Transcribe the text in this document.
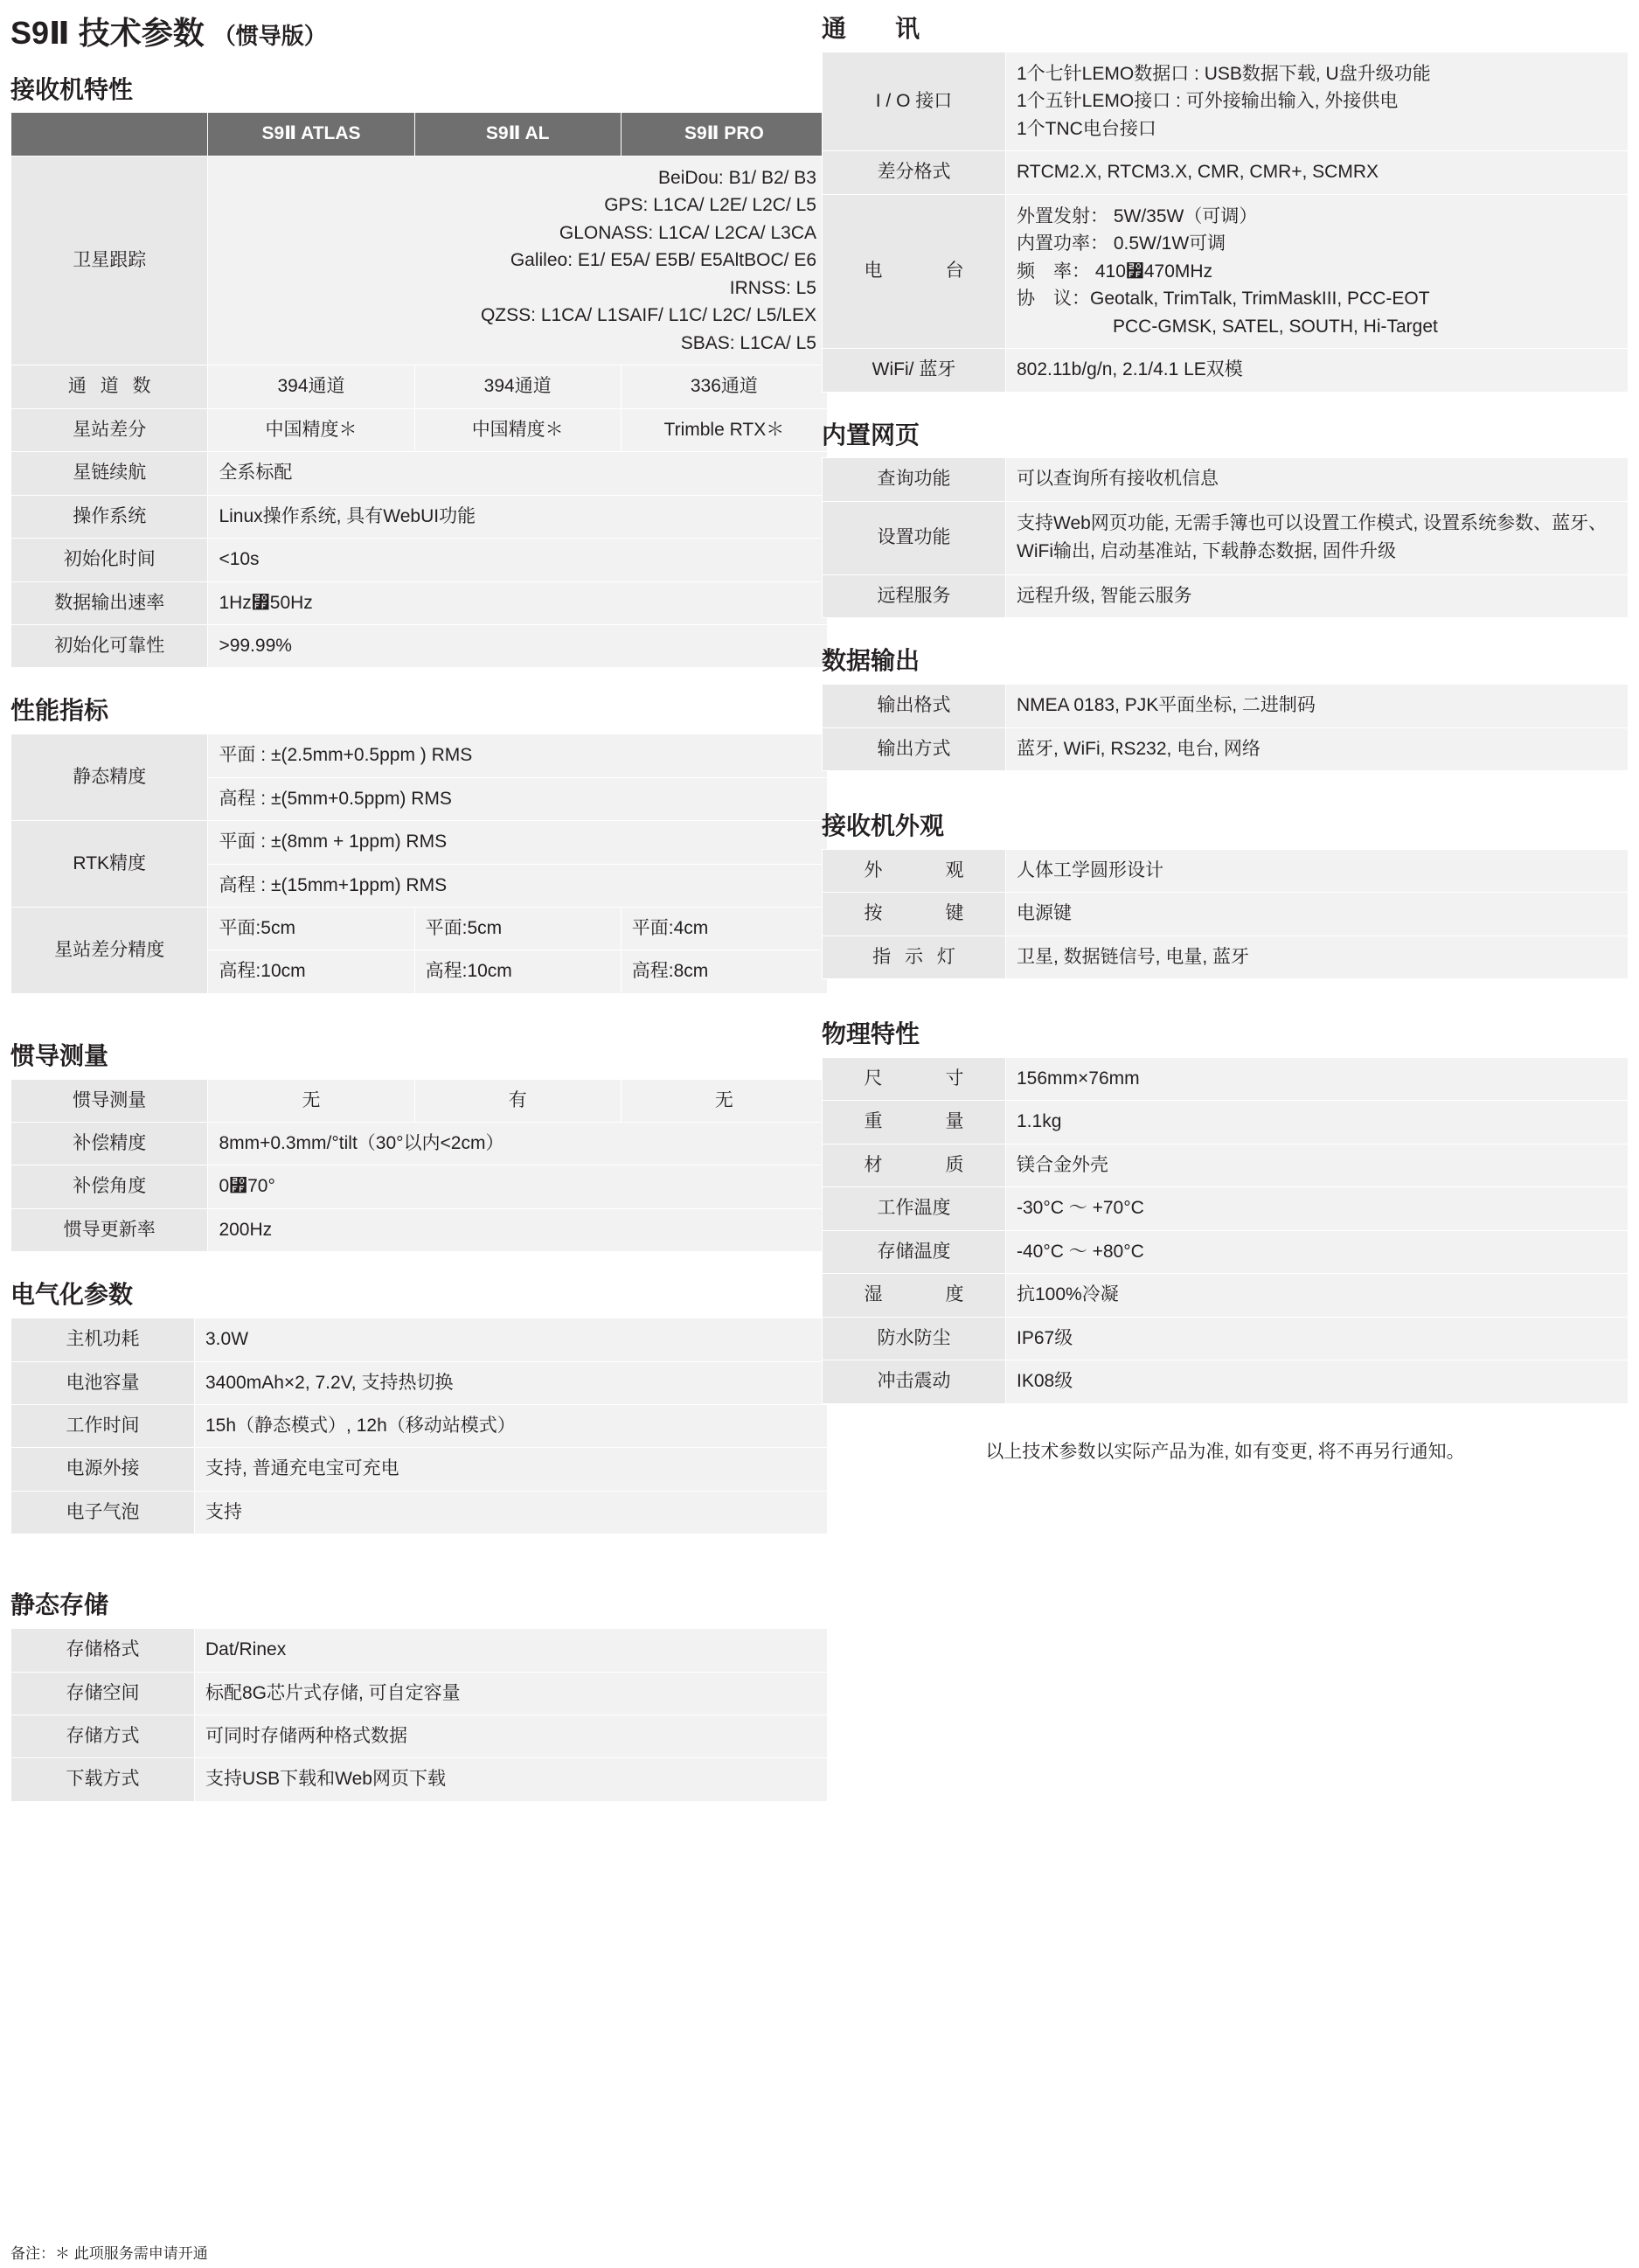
S9Ⅱ 技术参数 （惯导版）
接收机特性
	S9Ⅱ ATLAS	S9Ⅱ AL	S9Ⅱ PRO
卫星跟踪	
BeiDou: B1/ B2/ B3
GPS: L1CA/ L2E/ L2C/ L5
GLONASS: L1CA/ L2CA/ L3CA
Galileo: E1/ E5A/ E5B/ E5AltBOC/ E6
IRNSS: L5
QZSS: L1CA/ L1SAIF/ L1C/ L2C/ L5/LEX
SBAS: L1CA/ L5

通 道 数	394通道	394通道	336通道
星站差分	中国精度＊	中国精度＊	Trimble RTX＊
星链续航	全系标配		
操作系统	Linux操作系统, 具有WebUI功能		
初始化时间	<10s		
数据输出速率	1Hz⃿50Hz		
初始化可靠性	>99.99%		
性能指标
静态精度	平面 : ±(2.5mm+0.5ppm ) RMS		
	高程 : ±(5mm+0.5ppm) RMS		
RTK精度	平面 : ±(8mm + 1ppm) RMS		
	高程 : ±(15mm+1ppm) RMS		
星站差分精度	平面:5cm	平面:5cm	平面:4cm
	高程:10cm	高程:10cm	高程:8cm
惯导测量
惯导测量	无	有	无
补偿精度	8mm+0.3mm/°tilt（30°以内<2cm）		
补偿角度	0⃿70°		
惯导更新率	200Hz		
电气化参数
主机功耗	3.0W
电池容量	3400mAh×2, 7.2V, 支持热切换
工作时间	15h（静态模式）, 12h（移动站模式）
电源外接	支持, 普通充电宝可充电
电子气泡	支持
静态存储
存储格式	Dat/Rinex
存储空间	标配8G芯片式存储, 可自定容量
存储方式	可同时存储两种格式数据
下载方式	支持USB下载和Web网页下载
通　　讯
I / O 接口	1个七针LEMO数据口 : USB数据下载, U盘升级功能
1个五针LEMO接口 : 可外接输出输入, 外接供电
1个TNC电台接口

差分格式	RTCM2.X, RTCM3.X, CMR, CMR+, SCMRX
电　　台	外置发射： 5W/35W（可调）
内置功率： 0.5W/1W可调
频　率： 410⃿470MHz
协　议：Geotalk, TrimTalk, TrimMaskIII, PCC-EOT
PCC-GMSK, SATEL, SOUTH, Hi-Target

WiFi/ 蓝牙	802.11b/g/n, 2.1/4.1 LE双模
内置网页
查询功能	可以查询所有接收机信息
设置功能	支持Web网页功能, 无需手簿也可以设置工作模式, 设置系统参数、蓝牙、WiFi输出, 启动基准站, 下载静态数据, 固件升级
远程服务	远程升级, 智能云服务
数据输出
输出格式	NMEA 0183, PJK平面坐标, 二进制码
输出方式	蓝牙, WiFi, RS232, 电台, 网络
接收机外观
外　　观	人体工学圆形设计
按　　键	电源键
指 示 灯	卫星, 数据链信号, 电量, 蓝牙
物理特性
尺　　寸	156mm×76mm
重　　量	1.1kg
材　　质	镁合金外壳
工作温度	-30°C ～ +70°C
存储温度	-40°C ～ +80°C
湿　　度	抗100%冷凝
防水防尘	IP67级
冲击震动	IK08级
以上技术参数以实际产品为准, 如有变更, 将不再另行通知。
备注：＊ 此项服务需申请开通
